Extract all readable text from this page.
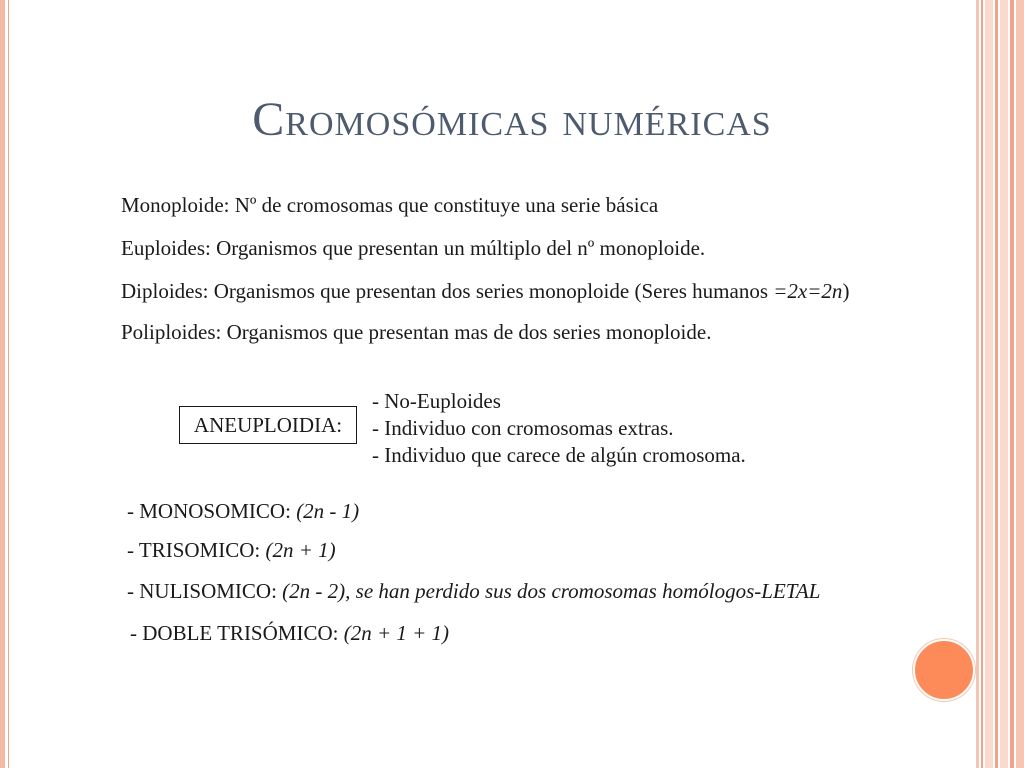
Cromosómicas numéricas
Monoploide: Nº de cromosomas que constituye una serie básica
Euploides: Organismos que presentan un múltiplo del nº monoploide.
Diploides: Organismos que presentan dos series monoploide (Seres humanos =2x=2n)
Poliploides: Organismos que presentan mas de dos series monoploide.
ANEUPLOIDIA:
- No-Euploides
- Individuo con cromosomas extras.
- Individuo que carece de algún cromosoma.
- MONOSOMICO: (2n - 1)
- TRISOMICO: (2n + 1)
- NULISOMICO: (2n - 2), se han perdido sus dos cromosomas homólogos-LETAL
- DOBLE TRISÓMICO: (2n + 1 + 1)
